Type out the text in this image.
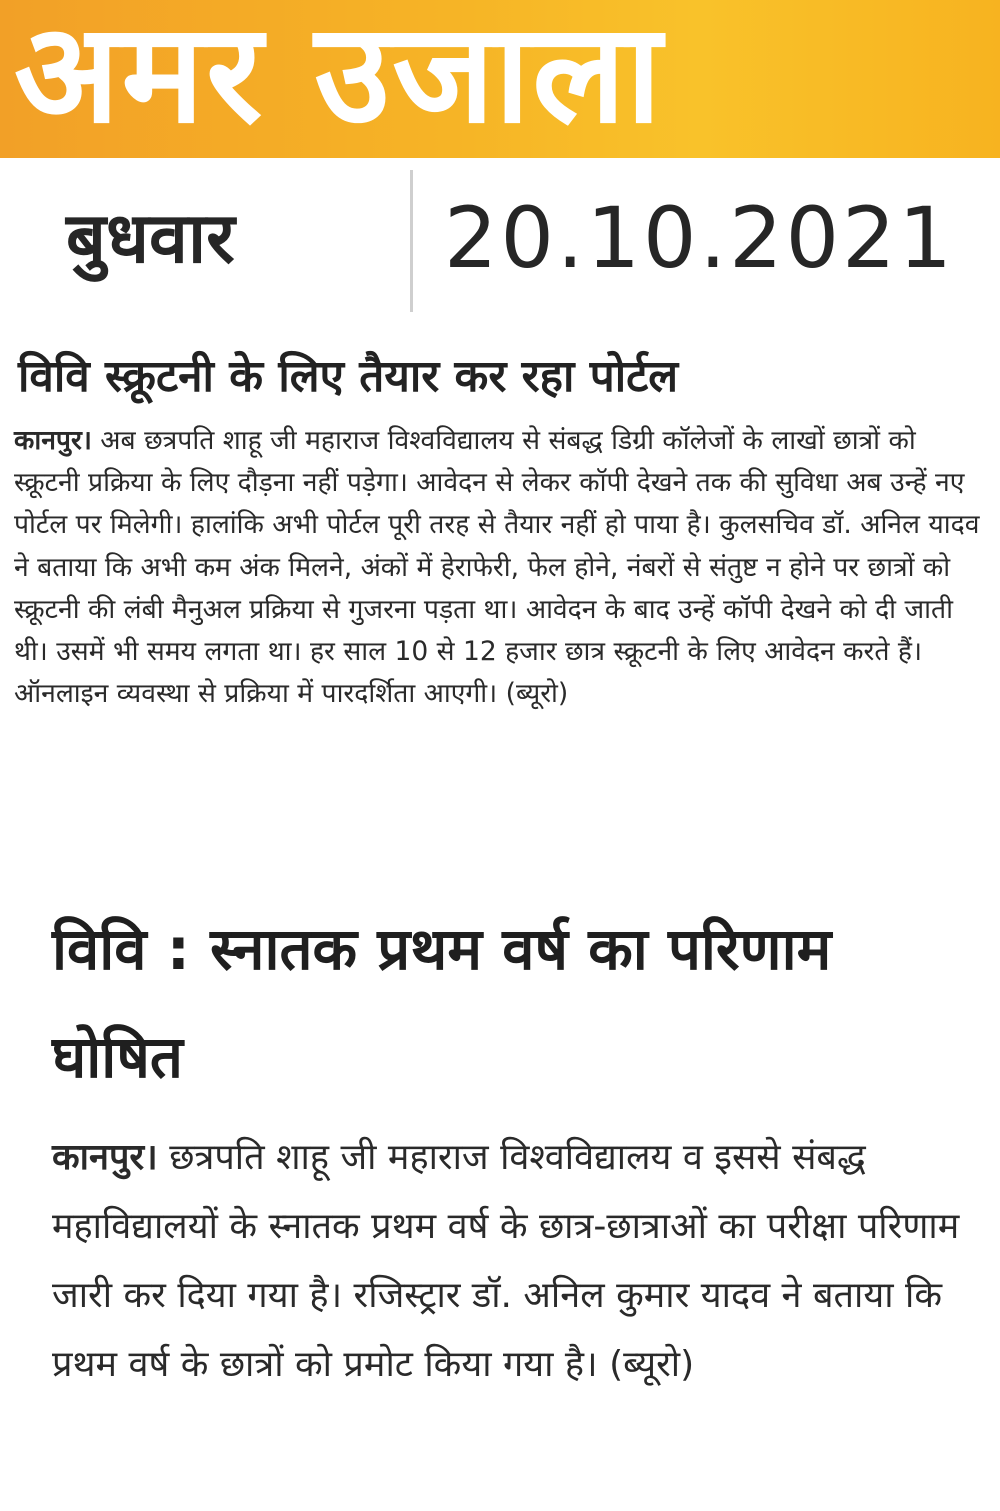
अमर उजाला
बुधवार 20.10.2021
विवि स्क्रूटनी के लिए तैयार कर रहा पोर्टल

कानपुर। अब छत्रपति शाहू जी महाराज विश्वविद्यालय से संबद्ध डिग्री कॉलेजों के लाखों छात्रों को स्क्रूटनी प्रक्रिया के लिए दौड़ना नहीं पड़ेगा। आवेदन से लेकर कॉपी देखने तक की सुविधा अब उन्हें नए पोर्टल पर मिलेगी। हालांकि अभी पोर्टल पूरी तरह से तैयार नहीं हो पाया है। कुलसचिव डॉ. अनिल यादव ने बताया कि अभी कम अंक मिलने, अंकों में हेराफेरी, फेल होने, नंबरों से संतुष्ट न होने पर छात्रों को स्क्रूटनी की लंबी मैनुअल प्रक्रिया से गुजरना पड़ता था। आवेदन के बाद उन्हें कॉपी देखने को दी जाती थी। उसमें भी समय लगता था। हर साल 10 से 12 हजार छात्र स्क्रूटनी के लिए आवेदन करते हैं। ऑनलाइन व्यवस्था से प्रक्रिया में पारदर्शिता आएगी। (ब्यूरो)

विवि : स्नातक प्रथम वर्ष का परिणाम घोषित

कानपुर। छत्रपति शाहू जी महाराज विश्वविद्यालय व इससे संबद्ध महाविद्यालयों के स्नातक प्रथम वर्ष के छात्र-छात्राओं का परीक्षा परिणाम जारी कर दिया गया है। रजिस्ट्रार डॉ. अनिल कुमार यादव ने बताया कि प्रथम वर्ष के छात्रों को प्रमोट किया गया है। (ब्यूरो)
